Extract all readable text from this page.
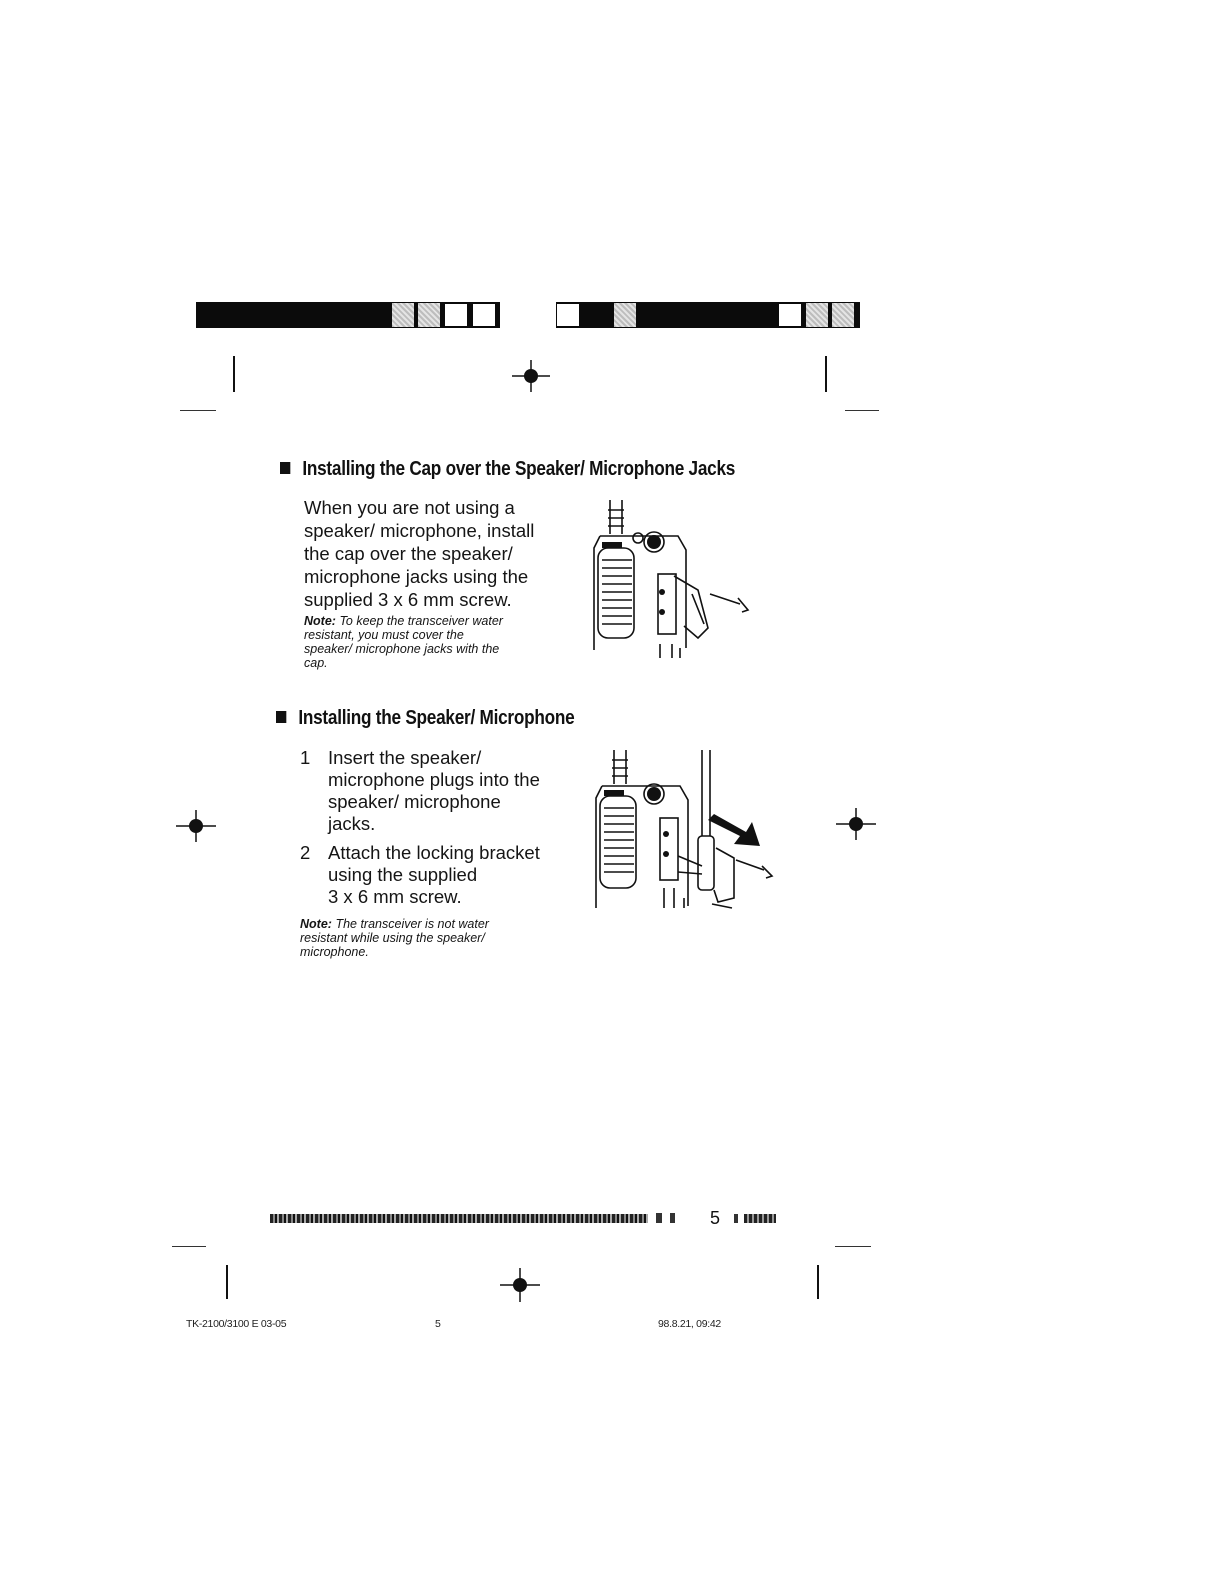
Installing the Cap over the Speaker/ Microphone Jacks
When you are not using a
speaker/ microphone, install
the cap over the speaker/
microphone jacks using the
supplied 3 x 6 mm screw.
Note: To keep the transceiver water
resistant, you must cover the
speaker/ microphone jacks with the
cap.
Installing the Speaker/ Microphone
1 Insert the speaker/
microphone plugs into the
speaker/ microphone
jacks.
2 Attach the locking bracket
using the supplied
3 x 6 mm screw.
Note: The transceiver is not water
resistant while using the speaker/
microphone.
5
TK-2100/3100 E 03-05	5	98.8.21, 09:42
